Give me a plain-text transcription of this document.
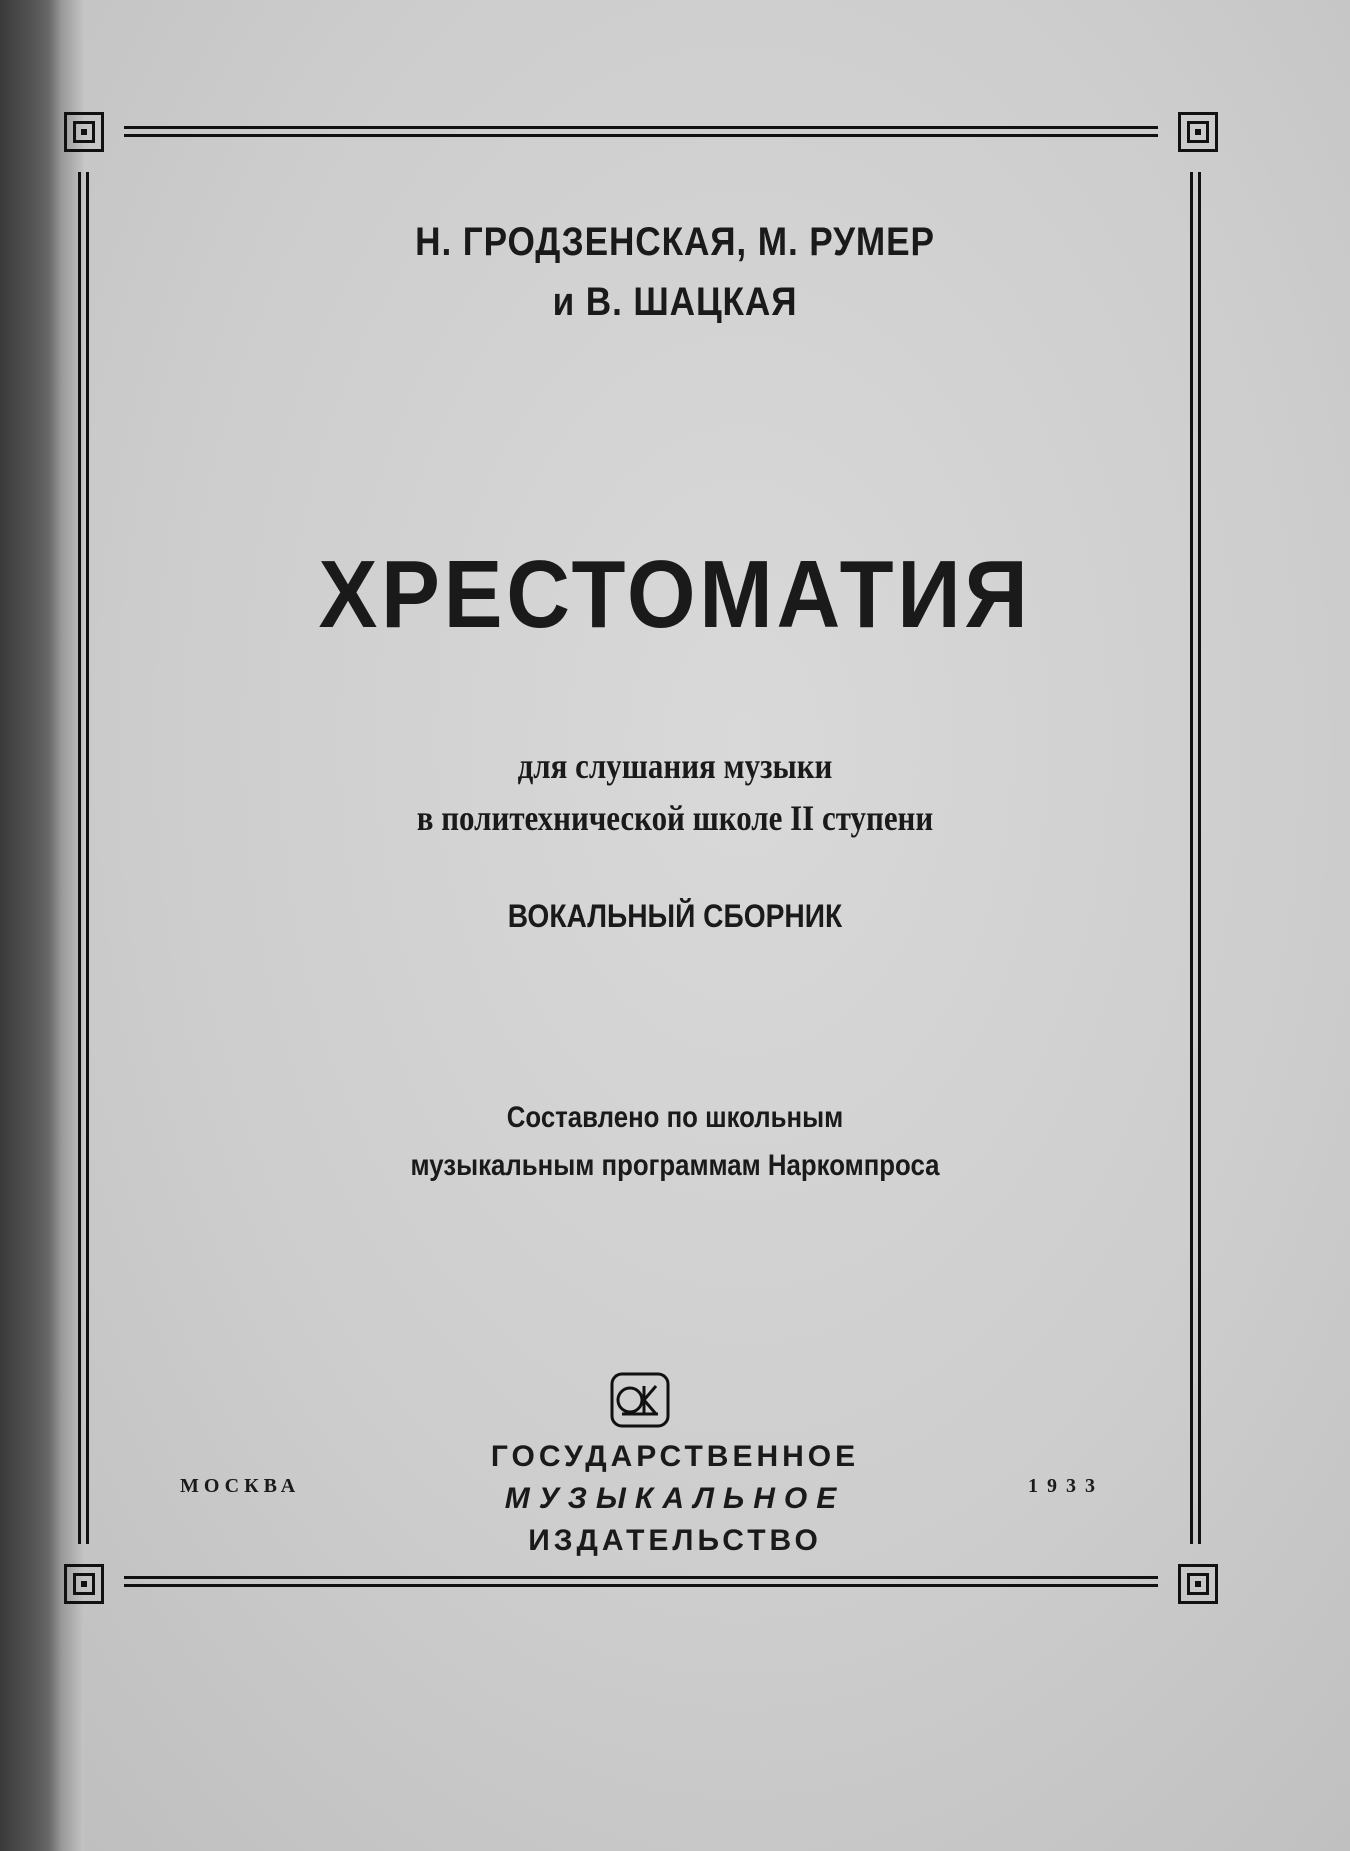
Н. ГРОДЗЕНСКАЯ, М. РУМЕР
и В. ШАЦКАЯ
ХРЕСТОМАТИЯ
для слушания музыки
в политехнической школе II ступени
ВОКАЛЬНЫЙ СБОРНИК
Составлено по школьным
музыкальным программам Наркомпроса
МОСКВА
ГОСУДАРСТВЕННОЕ
МУЗЫКАЛЬНОЕ
ИЗДАТЕЛЬСТВО
1933
